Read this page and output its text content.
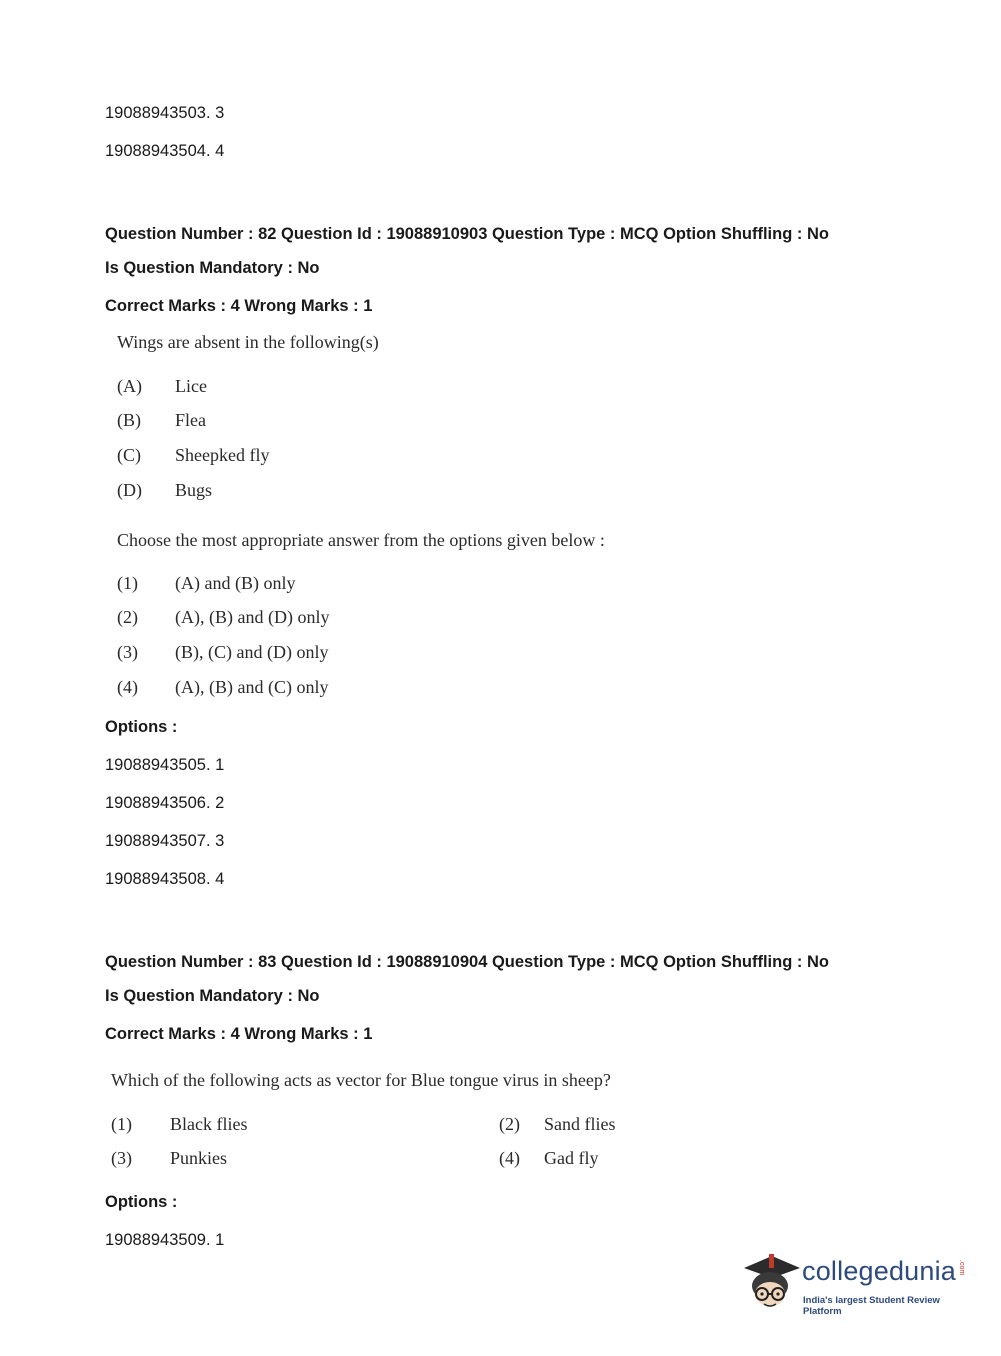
19088943503. 3
19088943504. 4
Question Number : 82 Question Id : 19088910903 Question Type : MCQ Option Shuffling : No
Is Question Mandatory : No
Correct Marks : 4 Wrong Marks : 1
Wings are absent in the following(s)
(A) Lice
(B) Flea
(C) Sheepked fly
(D) Bugs
Choose the most appropriate answer from the options given below :
(1) (A) and (B) only
(2) (A), (B) and (D) only
(3) (B), (C) and (D) only
(4) (A), (B) and (C) only
Options :
19088943505. 1
19088943506. 2
19088943507. 3
19088943508. 4
Question Number : 83 Question Id : 19088910904 Question Type : MCQ Option Shuffling : No
Is Question Mandatory : No
Correct Marks : 4 Wrong Marks : 1
Which of the following acts as vector for Blue tongue virus in sheep?
(1) Black flies	(2) Sand flies
(3) Punkies	(4) Gad fly
Options :
19088943509. 1
collegedunia .com
India's largest Student Review Platform
